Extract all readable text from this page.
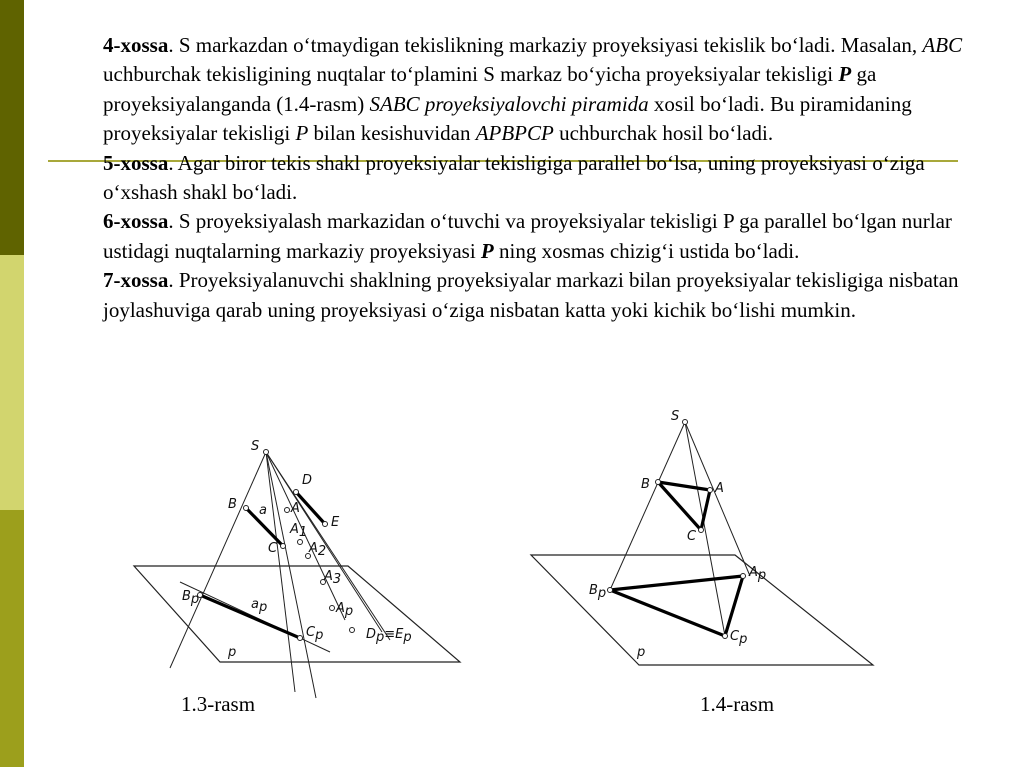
4-xossa. S markazdan o‘tmaydigan tekislikning markaziy proyeksiyasi tekislik bo‘ladi. Masalan, ABC uchburchak tekisligining nuqtalar to‘plamini S markaz bo‘yicha proyeksiyalar tekisligi P ga proyeksiyalanganda (1.4-rasm) SABC proyeksiyalovchi piramida xosil bo‘ladi. Bu piramidaning proyeksiyalar tekisligi P bilan kesishuvidan APBPCP uchburchak hosil bo‘ladi.

5-xossa. Agar biror tekis shakl proyeksiyalar tekisligiga parallel bo‘lsa, uning proyeksiyasi o‘ziga o‘xshash shakl bo‘ladi.

6-xossa. S proyeksiyalash markazidan o‘tuvchi va proyeksiyalar tekisligi P ga parallel bo‘lgan nurlar ustidagi nuqtalarning markaziy proyeksiyasi P ning xosmas chizig‘i ustida bo‘ladi.

7-xossa. Proyeksiyalanuvchi shaklning proyeksiyalar markazi bilan proyeksiyalar tekisligiga nisbatan joylashuviga qarab uning proyeksiyasi o‘ziga nisbatan katta yoki kichik bo‘lishi mumkin.

S
D
B a A
A1
E
C A2
A3
Ap
Bp	ap
Cp	Dp≡Ep
p
S
B	A
C
Bp
Ap
Cp
p
1.3-rasm	1.4-rasm
